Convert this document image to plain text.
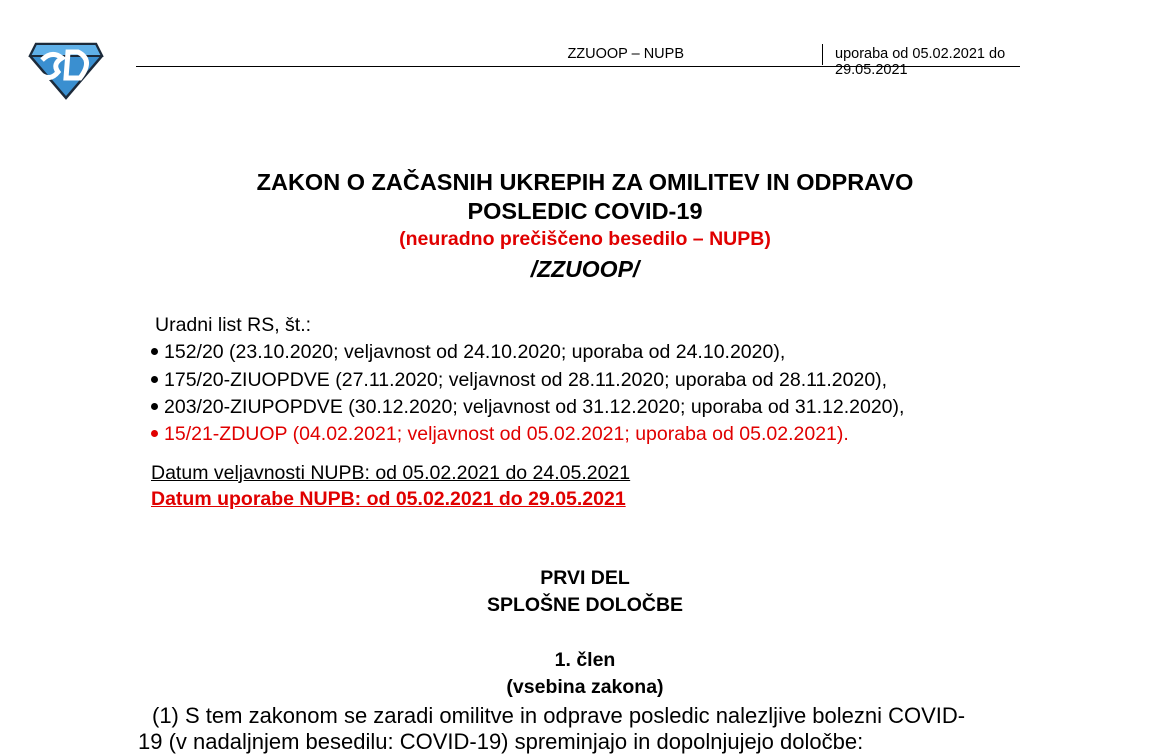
ZZUOOP – NUPB	uporaba od 05.02.2021 do 29.05.2021
ZAKON O ZAČASNIH UKREPIH ZA OMILITEV IN ODPRAVO
POSLEDIC COVID-19
(neuradno prečiščeno besedilo – NUPB)
/ZZUOOP/
Uradni list RS, št.:
152/20 (23.10.2020; veljavnost od 24.10.2020; uporaba od 24.10.2020),
175/20-ZIUOPDVE (27.11.2020; veljavnost od 28.11.2020; uporaba od 28.11.2020),
203/20-ZIUPOPDVE (30.12.2020; veljavnost od 31.12.2020; uporaba od 31.12.2020),
15/21-ZDUOP (04.02.2021; veljavnost od 05.02.2021; uporaba od 05.02.2021).
Datum veljavnosti NUPB: od 05.02.2021 do 24.05.2021
Datum uporabe NUPB: od 05.02.2021 do 29.05.2021
PRVI DEL
SPLOŠNE DOLOČBE
1. člen
(vsebina zakona)
(1) S tem zakonom se zaradi omilitve in odprave posledic nalezljive bolezni COVID-
19 (v nadaljnjem besedilu: COVID-19) spreminjajo in dopolnjujejo določbe:
